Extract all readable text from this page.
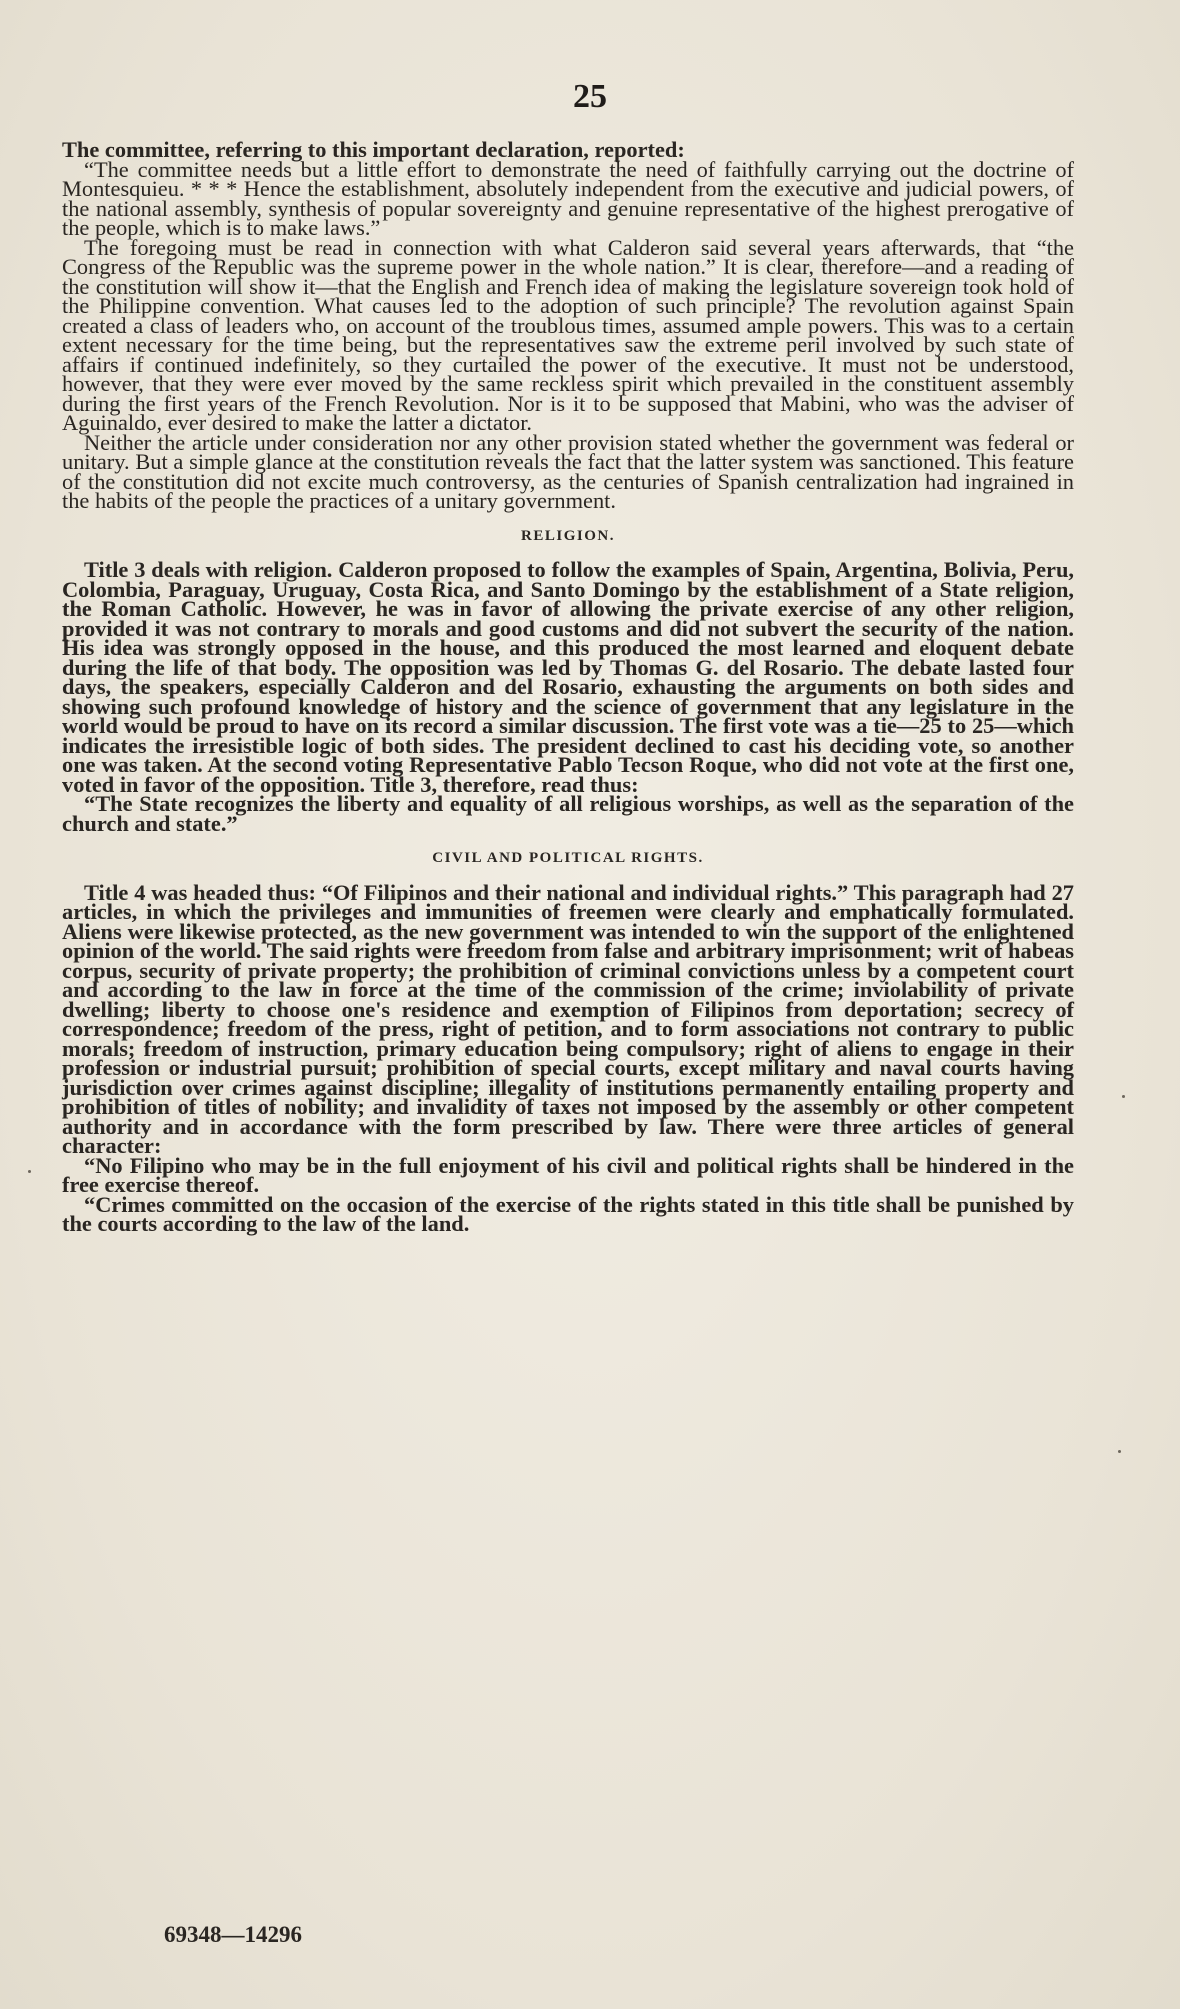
25

The committee, referring to this important declaration, reported:

“The committee needs but a little effort to demonstrate the need of faithfully carrying out the doctrine of Montesquieu. * * * Hence the establishment, absolutely independent from the executive and judicial powers, of the national assembly, synthesis of popular sovereignty and genuine representative of the highest prerogative of the people, which is to make laws.”

The foregoing must be read in connection with what Calderon said several years afterwards, that “the Congress of the Republic was the supreme power in the whole nation.” It is clear, therefore—and a reading of the constitution will show it—that the English and French idea of making the legislature sovereign took hold of the Philippine convention. What causes led to the adoption of such principle? The revolution against Spain created a class of leaders who, on account of the troublous times, assumed ample powers. This was to a certain extent necessary for the time being, but the representatives saw the extreme peril involved by such state of affairs if continued indefinitely, so they curtailed the power of the executive. It must not be understood, however, that they were ever moved by the same reckless spirit which prevailed in the constituent assembly during the first years of the French Revolution. Nor is it to be supposed that Mabini, who was the adviser of Aguinaldo, ever desired to make the latter a dictator.

Neither the article under consideration nor any other provision stated whether the government was federal or unitary. But a simple glance at the constitution reveals the fact that the latter system was sanctioned. This feature of the constitution did not excite much controversy, as the centuries of Spanish centralization had ingrained in the habits of the people the practices of a unitary government.

RELIGION.

Title 3 deals with religion. Calderon proposed to follow the examples of Spain, Argentina, Bolivia, Peru, Colombia, Paraguay, Uruguay, Costa Rica, and Santo Domingo by the establishment of a State religion, the Roman Catholic. However, he was in favor of allowing the private exercise of any other religion, provided it was not contrary to morals and good customs and did not subvert the security of the nation. His idea was strongly opposed in the house, and this produced the most learned and eloquent debate during the life of that body. The opposition was led by Thomas G. del Rosario. The debate lasted four days, the speakers, especially Calderon and del Rosario, exhausting the arguments on both sides and showing such profound knowledge of history and the science of government that any legislature in the world would be proud to have on its record a similar discussion. The first vote was a tie—25 to 25—which indicates the irresistible logic of both sides. The president declined to cast his deciding vote, so another one was taken. At the second voting Representative Pablo Tecson Roque, who did not vote at the first one, voted in favor of the opposition. Title 3, therefore, read thus:

“The State recognizes the liberty and equality of all religious worships, as well as the separation of the church and state.”

CIVIL AND POLITICAL RIGHTS.

Title 4 was headed thus: “Of Filipinos and their national and individual rights.” This paragraph had 27 articles, in which the privileges and immunities of freemen were clearly and emphatically formulated. Aliens were likewise protected, as the new government was intended to win the support of the enlightened opinion of the world. The said rights were freedom from false and arbitrary imprisonment; writ of habeas corpus, security of private property; the prohibition of criminal convictions unless by a competent court and according to the law in force at the time of the commission of the crime; inviolability of private dwelling; liberty to choose one's residence and exemption of Filipinos from deportation; secrecy of correspondence; freedom of the press, right of petition, and to form associations not contrary to public morals; freedom of instruction, primary education being compulsory; right of aliens to engage in their profession or industrial pursuit; prohibition of special courts, except military and naval courts having jurisdiction over crimes against discipline; illegality of institutions permanently entailing property and prohibition of titles of nobility; and invalidity of taxes not imposed by the assembly or other competent authority and in accordance with the form prescribed by law. There were three articles of general character:

“No Filipino who may be in the full enjoyment of his civil and political rights shall be hindered in the free exercise thereof.

“Crimes committed on the occasion of the exercise of the rights stated in this title shall be punished by the courts according to the law of the land.

69348—14296
